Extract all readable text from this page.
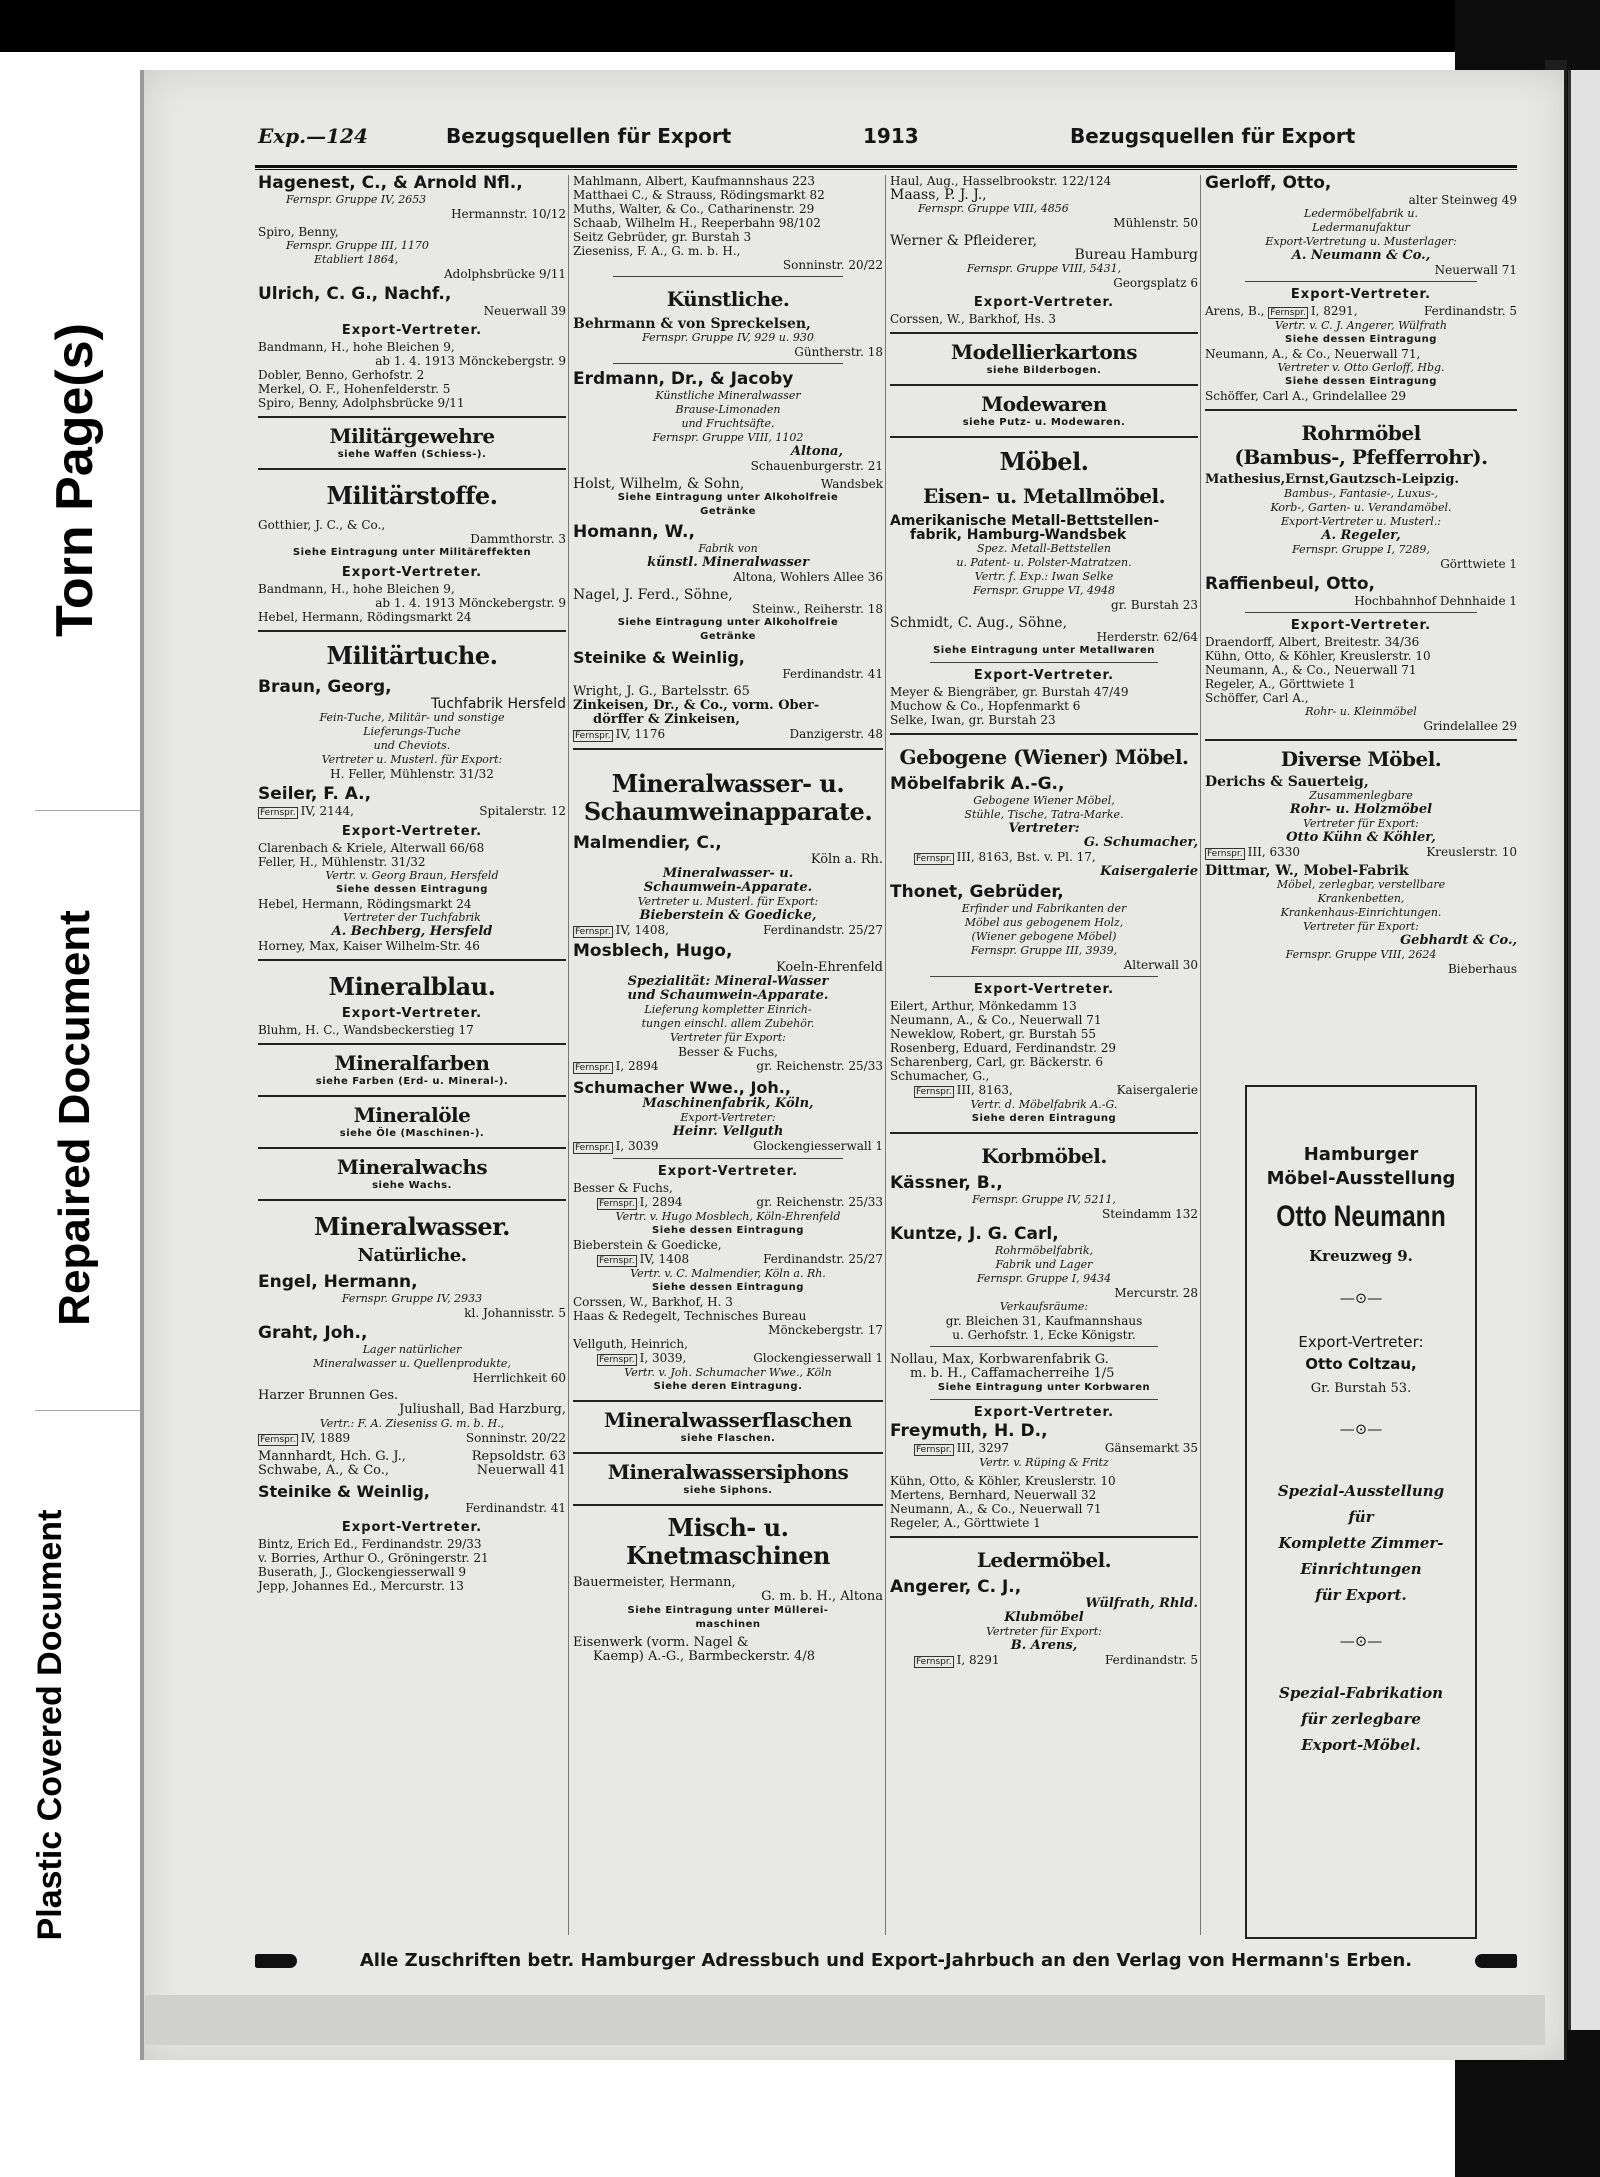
Torn Page(s)
Repaired Document
Plastic Covered Document
Exp.—124	Bezugsquellen für Export	1913	Bezugsquellen für Export
Hagenest, C., & Arnold Nfl.,
Fernspr. Gruppe IV, 2653
Hermannstr. 10/12
Spiro, Benny,
Fernspr. Gruppe III, 1170
Etabliert 1864,
Adolphsbrücke 9/11
Ulrich, C. G., Nachf.,
Neuerwall 39
Export-Vertreter.
Bandmann, H., hohe Bleichen 9,
ab 1. 4. 1913 Mönckebergstr. 9
Dobler, Benno, Gerhofstr. 2
Merkel, O. F., Hohenfelderstr. 5
Spiro, Benny, Adolphsbrücke 9/11
Militärgewehre
siehe Waffen (Schiess-).
Militärstoffe.
Gotthier, J. C., & Co.,
Dammthorstr. 3
Siehe Eintragung unter Militäreffekten
Export-Vertreter.
Bandmann, H., hohe Bleichen 9,
ab 1. 4. 1913 Mönckebergstr. 9
Hebel, Hermann, Rödingsmarkt 24
Militärtuche.
Braun, Georg,
Tuchfabrik Hersfeld
Fein-Tuche, Militär- und sonstige
Lieferungs-Tuche
und Cheviots.
Vertreter u. Musterl. für Export:
H. Feller, Mühlenstr. 31/32
Seiler, F. A.,
Fernspr. IV, 2144,	Spitalerstr. 12
Export-Vertreter.
Clarenbach & Kriele, Alterwall 66/68
Feller, H., Mühlenstr. 31/32
Vertr. v. Georg Braun, Hersfeld
Siehe dessen Eintragung
Hebel, Hermann, Rödingsmarkt 24
Vertreter der Tuchfabrik
A. Bechberg, Hersfeld
Horney, Max, Kaiser Wilhelm-Str. 46
Mineralblau.
Export-Vertreter.
Bluhm, H. C., Wandsbeckerstieg 17
Mineralfarben
siehe Farben (Erd- u. Mineral-).
Mineralöle
siehe Öle (Maschinen-).
Mineralwachs
siehe Wachs.
Mineralwasser.
Natürliche.
Engel, Hermann,
Fernspr. Gruppe IV, 2933
kl. Johannisstr. 5
Graht, Joh.,
Lager natürlicher
Mineralwasser u. Quellenprodukte,
Herrlichkeit 60
Harzer Brunnen Ges.
Juliushall, Bad Harzburg,
Vertr.: F. A. Zieseniss G. m. b. H.,
Fernspr. IV, 1889	Sonninstr. 20/22
Mannhardt, Hch. G. J.,	Repsoldstr. 63
Schwabe, A., & Co.,	Neuerwall 41
Steinike & Weinlig,
Ferdinandstr. 41
Export-Vertreter.
Bintz, Erich Ed., Ferdinandstr. 29/33
v. Borries, Arthur O., Gröningerstr. 21
Buserath, J., Glockengiesserwall 9
Jepp, Johannes Ed., Mercurstr. 13
Mahlmann, Albert, Kaufmannshaus 223
Matthaei C., & Strauss, Rödingsmarkt 82
Muths, Walter, & Co., Catharinenstr. 29
Schaab, Wilhelm H., Reeperbahn 98/102
Seitz Gebrüder, gr. Burstah 3
Zieseniss, F. A., G. m. b. H.,
Sonninstr. 20/22
Künstliche.
Behrmann & von Spreckelsen,
Fernspr. Gruppe IV, 929 u. 930
Güntherstr. 18
Erdmann, Dr., & Jacoby
Künstliche Mineralwasser
Brause-Limonaden
und Fruchtsäfte.
Fernspr. Gruppe VIII, 1102
Altona,
Schauenburgerstr. 21
Holst, Wilhelm, & Sohn,	Wandsbek
Siehe Eintragung unter Alkoholfreie
Getränke
Homann, W.,
Fabrik von
künstl. Mineralwasser
Altona, Wohlers Allee 36
Nagel, J. Ferd., Söhne,
Steinw., Reiherstr. 18
Siehe Eintragung unter Alkoholfreie
Getränke
Steinike & Weinlig,
Ferdinandstr. 41
Wright, J. G., Bartelsstr. 65
Zinkeisen, Dr., & Co., vorm. Ober-
dörffer & Zinkeisen,
Fernspr. IV, 1176	Danzigerstr. 48
Mineralwasser- u.
Schaumweinapparate.
Malmendier, C.,
Köln a. Rh.
Mineralwasser- u.
Schaumwein-Apparate.
Vertreter u. Musterl. für Export:
Bieberstein & Goedicke,
Fernspr. IV, 1408,	Ferdinandstr. 25/27
Mosblech, Hugo,
Koeln-Ehrenfeld
Spezialität: Mineral-Wasser
und Schaumwein-Apparate.
Lieferung kompletter Einrich-
tungen einschl. allem Zubehör.
Vertreter für Export:
Besser & Fuchs,
Fernspr. I, 2894	gr. Reichenstr. 25/33
Schumacher Wwe., Joh.,
Maschinenfabrik, Köln,
Export-Vertreter:
Heinr. Vellguth
Fernspr. I, 3039	Glockengiesserwall 1
Export-Vertreter.
Besser & Fuchs,
Fernspr. I, 2894	gr. Reichenstr. 25/33
Vertr. v. Hugo Mosblech, Köln-Ehrenfeld
Siehe dessen Eintragung
Bieberstein & Goedicke,
Fernspr. IV, 1408	Ferdinandstr. 25/27
Vertr. v. C. Malmendier, Köln a. Rh.
Siehe dessen Eintragung
Corssen, W., Barkhof, H. 3
Haas & Redegelt, Technisches Bureau
Mönckebergstr. 17
Vellguth, Heinrich,
Fernspr. I, 3039,	Glockengiesserwall 1
Vertr. v. Joh. Schumacher Wwe., Köln
Siehe deren Eintragung.
Mineralwasserflaschen
siehe Flaschen.
Mineralwassersiphons
siehe Siphons.
Misch- u. Knetmaschinen
Bauermeister, Hermann,
G. m. b. H., Altona
Siehe Eintragung unter Müllerei-
maschinen
Eisenwerk (vorm. Nagel &
Kaemp) A.-G., Barmbeckerstr. 4/8
Haul, Aug., Hasselbrookstr. 122/124
Maass, P. J. J.,
Fernspr. Gruppe VIII, 4856
Mühlenstr. 50
Werner & Pfleiderer,
Bureau Hamburg
Fernspr. Gruppe VIII, 5431,
Georgsplatz 6
Export-Vertreter.
Corssen, W., Barkhof, Hs. 3
Modellierkartons
siehe Bilderbogen.
Modewaren
siehe Putz- u. Modewaren.
Möbel.
Eisen- u. Metallmöbel.
Amerikanische Metall-Bettstellen-
fabrik, Hamburg-Wandsbek
Spez. Metall-Bettstellen
u. Patent- u. Polster-Matratzen.
Vertr. f. Exp.: Iwan Selke
Fernspr. Gruppe VI, 4948
gr. Burstah 23
Schmidt, C. Aug., Söhne,
Herderstr. 62/64
Siehe Eintragung unter Metallwaren
Export-Vertreter.
Meyer & Biengräber, gr. Burstah 47/49
Muchow & Co., Hopfenmarkt 6
Selke, Iwan, gr. Burstah 23
Gebogene (Wiener) Möbel.
Möbelfabrik A.-G.,
Gebogene Wiener Möbel,
Stühle, Tische, Tatra-Marke.
Vertreter:
G. Schumacher,
Fernspr. III, 8163, Bst. v. Pl. 17,
Kaisergalerie
Thonet, Gebrüder,
Erfinder und Fabrikanten der
Möbel aus gebogenem Holz,
(Wiener gebogene Möbel)
Fernspr. Gruppe III, 3939,
Alterwall 30
Export-Vertreter.
Eilert, Arthur, Mönkedamm 13
Neumann, A., & Co., Neuerwall 71
Neweklow, Robert, gr. Burstah 55
Rosenberg, Eduard, Ferdinandstr. 29
Scharenberg, Carl, gr. Bäckerstr. 6
Schumacher, G.,
Fernspr. III, 8163,	Kaisergalerie
Vertr. d. Möbelfabrik A.-G.
Siehe deren Eintragung
Korbmöbel.
Kässner, B.,
Fernspr. Gruppe IV, 5211,
Steindamm 132
Kuntze, J. G. Carl,
Rohrmöbelfabrik,
Fabrik und Lager
Fernspr. Gruppe I, 9434
Mercurstr. 28
Verkaufsräume:
gr. Bleichen 31, Kaufmannshaus
u. Gerhofstr. 1, Ecke Königstr.
Nollau, Max, Korbwarenfabrik G.
m. b. H., Caffamacherreihe 1/5
Siehe Eintragung unter Korbwaren
Export-Vertreter.
Freymuth, H. D.,
Fernspr. III, 3297	Gänsemarkt 35
Vertr. v. Rüping & Fritz
Kühn, Otto, & Köhler, Kreuslerstr. 10
Mertens, Bernhard, Neuerwall 32
Neumann, A., & Co., Neuerwall 71
Regeler, A., Görttwiete 1
Ledermöbel.
Angerer, C. J.,
Wülfrath, Rhld.
Klubmöbel
Vertreter für Export:
B. Arens,
Fernspr. I, 8291	Ferdinandstr. 5
Gerloff, Otto,
alter Steinweg 49
Ledermöbelfabrik u.
Ledermanufaktur
Export-Vertretung u. Musterlager:
A. Neumann & Co.,
Neuerwall 71
Export-Vertreter.
Arens, B., Fernspr. I, 8291,	Ferdinandstr. 5
Vertr. v. C. J. Angerer, Wülfrath
Siehe dessen Eintragung
Neumann, A., & Co., Neuerwall 71,
Vertreter v. Otto Gerloff, Hbg.
Siehe dessen Eintragung
Schöffer, Carl A., Grindelallee 29
Rohrmöbel
(Bambus-, Pfefferrohr).
Mathesius,Ernst,Gautzsch-Leipzig.
Bambus-, Fantasie-, Luxus-,
Korb-, Garten- u. Verandamöbel.
Export-Vertreter u. Musterl.:
A. Regeler,
Fernspr. Gruppe I, 7289,
Görttwiete 1
Raffienbeul, Otto,
Hochbahnhof Dehnhaide 1
Export-Vertreter.
Draendorff, Albert, Breitestr. 34/36
Kühn, Otto, & Köhler, Kreuslerstr. 10
Neumann, A., & Co., Neuerwall 71
Regeler, A., Görttwiete 1
Schöffer, Carl A.,
Rohr- u. Kleinmöbel
Grindelallee 29
Diverse Möbel.
Derichs & Sauerteig,
Zusammenlegbare
Rohr- u. Holzmöbel
Vertreter für Export:
Otto Kühn & Köhler,
Fernspr. III, 6330	Kreuslerstr. 10
Dittmar, W., Mobel-Fabrik
Möbel, zerlegbar, verstellbare
Krankenbetten,
Krankenhaus-Einrichtungen.
Vertreter für Export:
Gebhardt & Co.,
Fernspr. Gruppe VIII, 2624
Bieberhaus
Hamburger
Möbel-Ausstellung
Otto Neumann
Kreuzweg 9.
—⊙—
Export-Vertreter:
Otto Coltzau,
Gr. Burstah 53.
—⊙—
Spezial-Ausstellung
für
Komplette Zimmer-
Einrichtungen
für Export.
—⊙—
Spezial-Fabrikation
für zerlegbare
Export-Möbel.
Alle Zuschriften betr. Hamburger Adressbuch und Export-Jahrbuch an den Verlag von Hermann's Erben.
